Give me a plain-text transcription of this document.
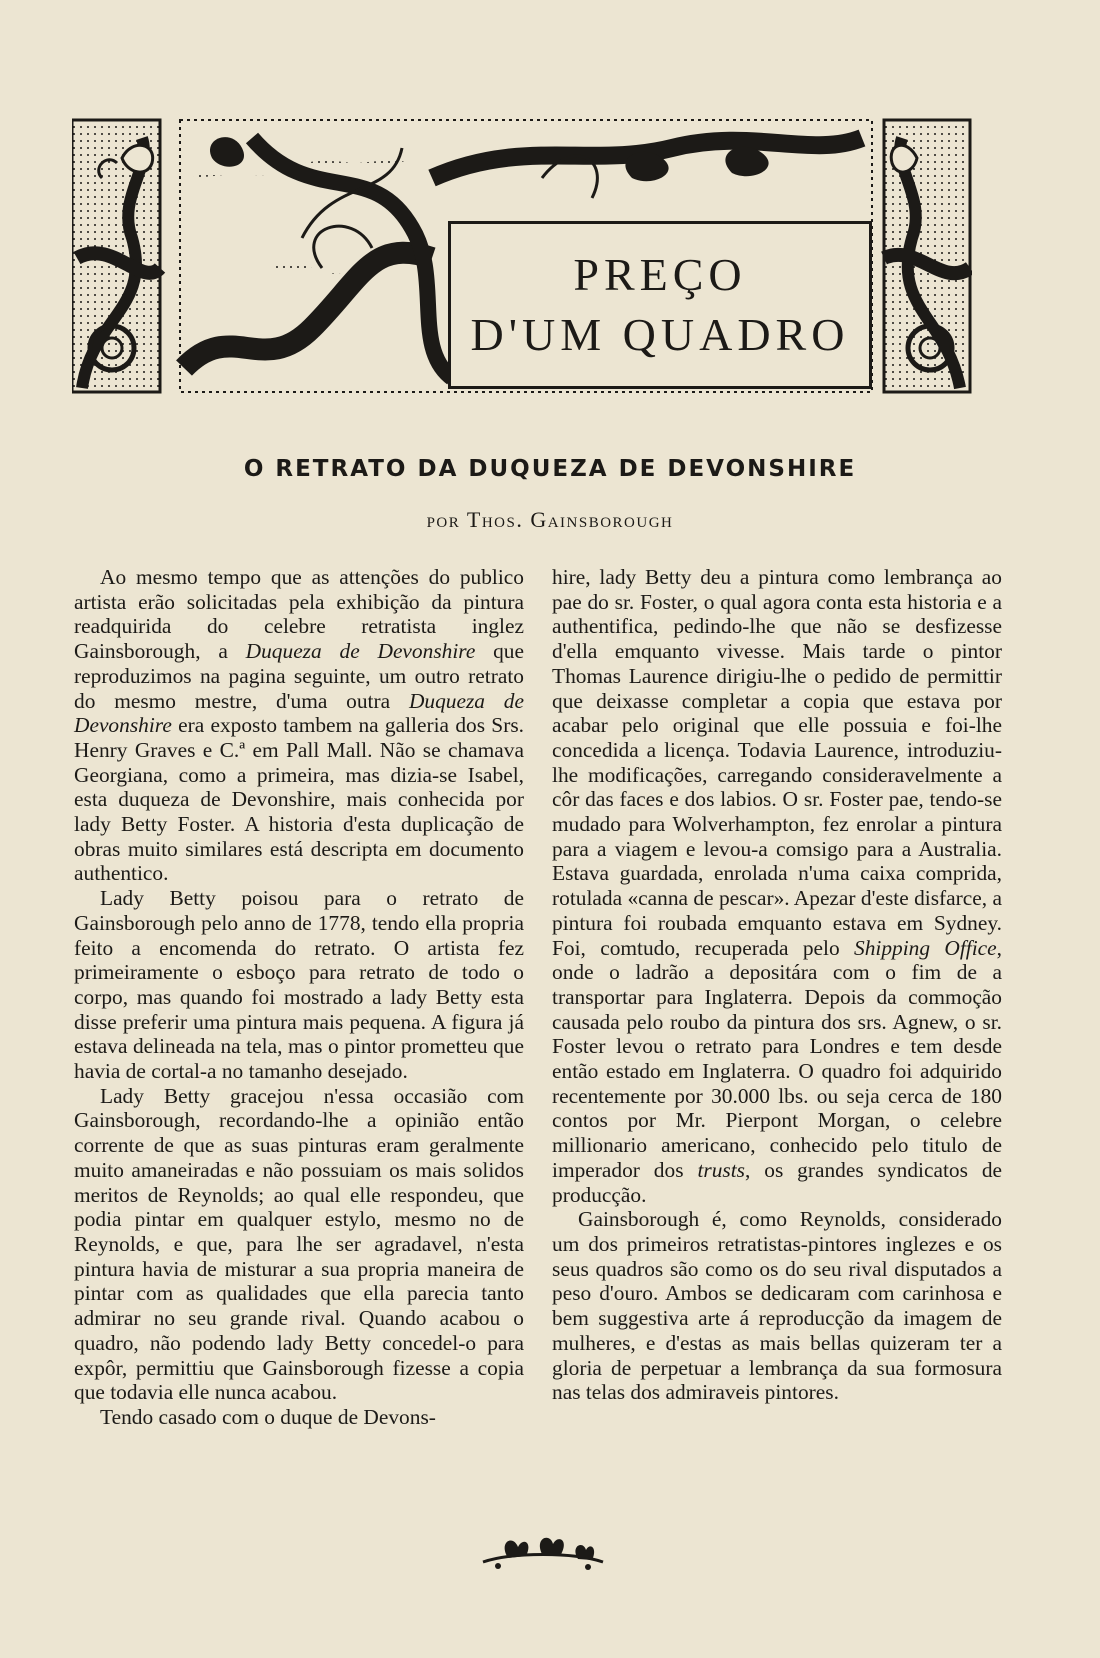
PREÇO
D'UM QUADRO
O RETRATO DA DUQUEZA DE DEVONSHIRE
por Thos. Gainsborough

Ao mesmo tempo que as attenções do publico artista erão solicitadas pela exhibição da pintura readquirida do celebre retratista inglez Gainsborough, a Duqueza de Devonshire que reproduzimos na pagina seguinte, um outro retrato do mesmo mestre, d'uma outra Duqueza de Devonshire era exposto tambem na galleria dos Srs. Henry Graves e C.ª em Pall Mall. Não se chamava Georgiana, como a primeira, mas dizia-se Isabel, esta duqueza de Devonshire, mais conhecida por lady Betty Foster. A historia d'esta duplicação de obras muito similares está descripta em documento authentico.

Lady Betty poisou para o retrato de Gainsborough pelo anno de 1778, tendo ella propria feito a encomenda do retrato. O artista fez primeiramente o esboço para retrato de todo o corpo, mas quando foi mostrado a lady Betty esta disse preferir uma pintura mais pequena. A figura já estava delineada na tela, mas o pintor prometteu que havia de cortal-a no tamanho desejado.

Lady Betty gracejou n'essa occasião com Gainsborough, recordando-lhe a opinião então corrente de que as suas pinturas eram geralmente muito amaneiradas e não possuiam os mais solidos meritos de Reynolds; ao qual elle respondeu, que podia pintar em qualquer estylo, mesmo no de Reynolds, e que, para lhe ser agradavel, n'esta pintura havia de misturar a sua propria maneira de pintar com as qualidades que ella parecia tanto admirar no seu grande rival. Quando acabou o quadro, não podendo lady Betty concedel-o para expôr, permittiu que Gainsborough fizesse a copia que todavia elle nunca acabou.

Tendo casado com o duque de Devons-

hire, lady Betty deu a pintura como lembrança ao pae do sr. Foster, o qual agora conta esta historia e a authentifica, pedindo-lhe que não se desfizesse d'ella emquanto vivesse. Mais tarde o pintor Thomas Laurence dirigiu-lhe o pedido de permittir que deixasse completar a copia que estava por acabar pelo original que elle possuia e foi-lhe concedida a licença. Todavia Laurence, introduziu-lhe modificações, carregando consideravelmente a côr das faces e dos labios. O sr. Foster pae, tendo-se mudado para Wolverhampton, fez enrolar a pintura para a viagem e levou-a comsigo para a Australia. Estava guardada, enrolada n'uma caixa comprida, rotulada «canna de pescar». Apezar d'este disfarce, a pintura foi roubada emquanto estava em Sydney. Foi, comtudo, recuperada pelo Shipping Office, onde o ladrão a depositára com o fim de a transportar para Inglaterra. Depois da commoção causada pelo roubo da pintura dos srs. Agnew, o sr. Foster levou o retrato para Londres e tem desde então estado em Inglaterra. O quadro foi adquirido recentemente por 30.000 lbs. ou seja cerca de 180 contos por Mr. Pierpont Morgan, o celebre millionario americano, conhecido pelo titulo de imperador dos trusts, os grandes syndicatos de producção.

Gainsborough é, como Reynolds, considerado um dos primeiros retratistas-pintores inglezes e os seus quadros são como os do seu rival disputados a peso d'ouro. Ambos se dedicaram com carinhosa e bem suggestiva arte á reproducção da imagem de mulheres, e d'estas as mais bellas quizeram ter a gloria de perpetuar a lembrança da sua formosura nas telas dos admiraveis pintores.
